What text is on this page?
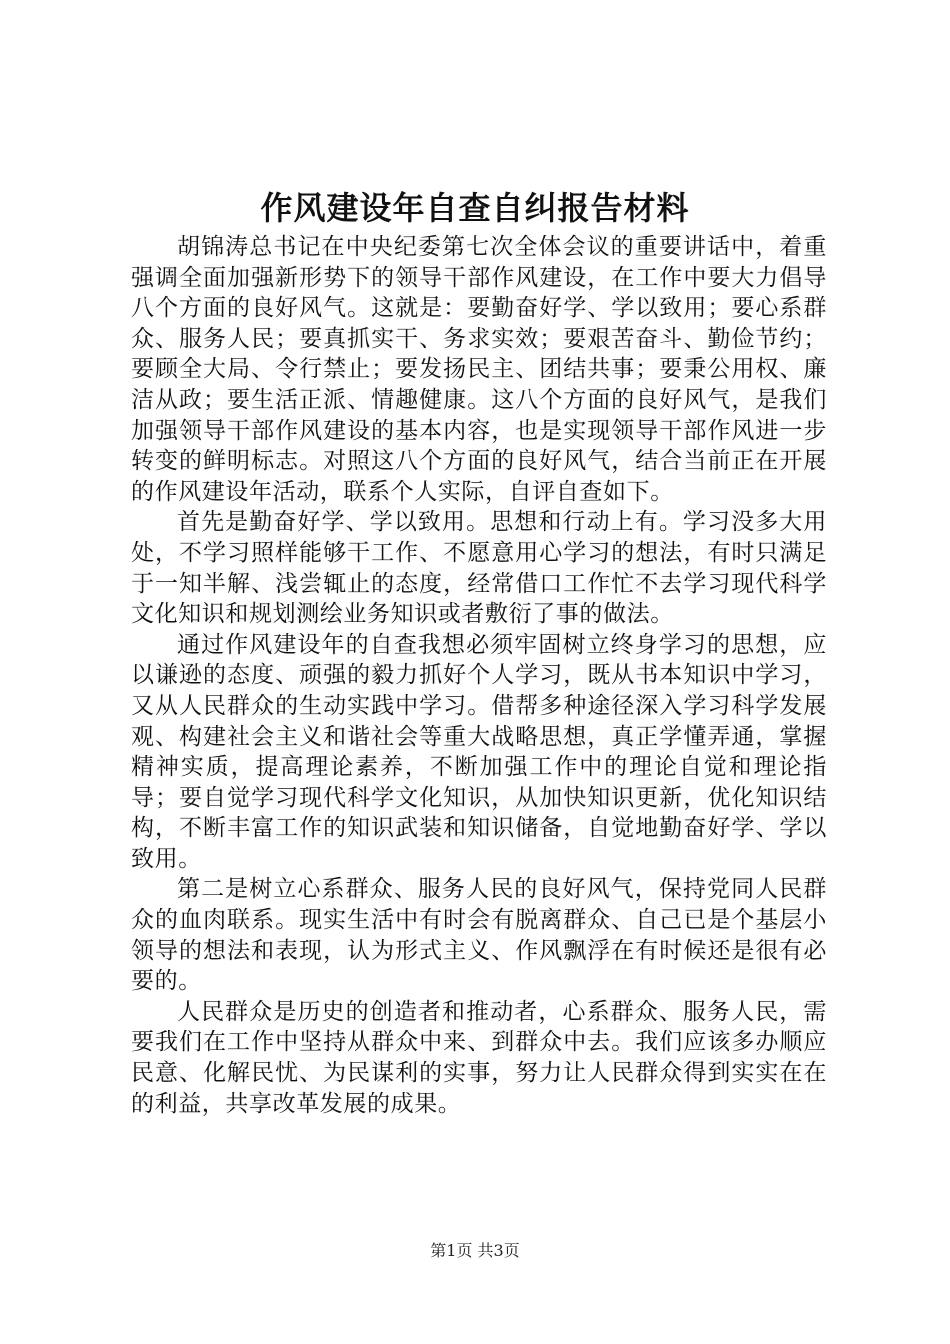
作风建设年自查自纠报告材料

胡锦涛总书记在中央纪委第七次全体会议的重要讲话中，着重强调全面加强新形势下的领导干部作风建设，在工作中要大力倡导八个方面的良好风气。这就是：要勤奋好学、学以致用；要心系群众、服务人民；要真抓实干、务求实效；要艰苦奋斗、勤俭节约；要顾全大局、令行禁止；要发扬民主、团结共事；要秉公用权、廉洁从政；要生活正派、情趣健康。这八个方面的良好风气，是我们加强领导干部作风建设的基本内容，也是实现领导干部作风进一步转变的鲜明标志。对照这八个方面的良好风气，结合当前正在开展的作风建设年活动，联系个人实际，自评自查如下。

首先是勤奋好学、学以致用。思想和行动上有。学习没多大用处，不学习照样能够干工作、不愿意用心学习的想法，有时只满足于一知半解、浅尝辄止的态度，经常借口工作忙不去学习现代科学文化知识和规划测绘业务知识或者敷衍了事的做法。

通过作风建设年的自查我想必须牢固树立终身学习的思想，应以谦逊的态度、顽强的毅力抓好个人学习，既从书本知识中学习，又从人民群众的生动实践中学习。借帮多种途径深入学习科学发展观、构建社会主义和谐社会等重大战略思想，真正学懂弄通，掌握精神实质，提高理论素养，不断加强工作中的理论自觉和理论指导；要自觉学习现代科学文化知识，从加快知识更新，优化知识结构，不断丰富工作的知识武装和知识储备，自觉地勤奋好学、学以致用。

第二是树立心系群众、服务人民的良好风气，保持党同人民群众的血肉联系。现实生活中有时会有脱离群众、自己已是个基层小领导的想法和表现，认为形式主义、作风飘浮在有时候还是很有必要的。

人民群众是历史的创造者和推动者，心系群众、服务人民，需要我们在工作中坚持从群众中来、到群众中去。我们应该多办顺应民意、化解民忧、为民谋利的实事，努力让人民群众得到实实在在的利益，共享改革发展的成果。

第1页 共3页
